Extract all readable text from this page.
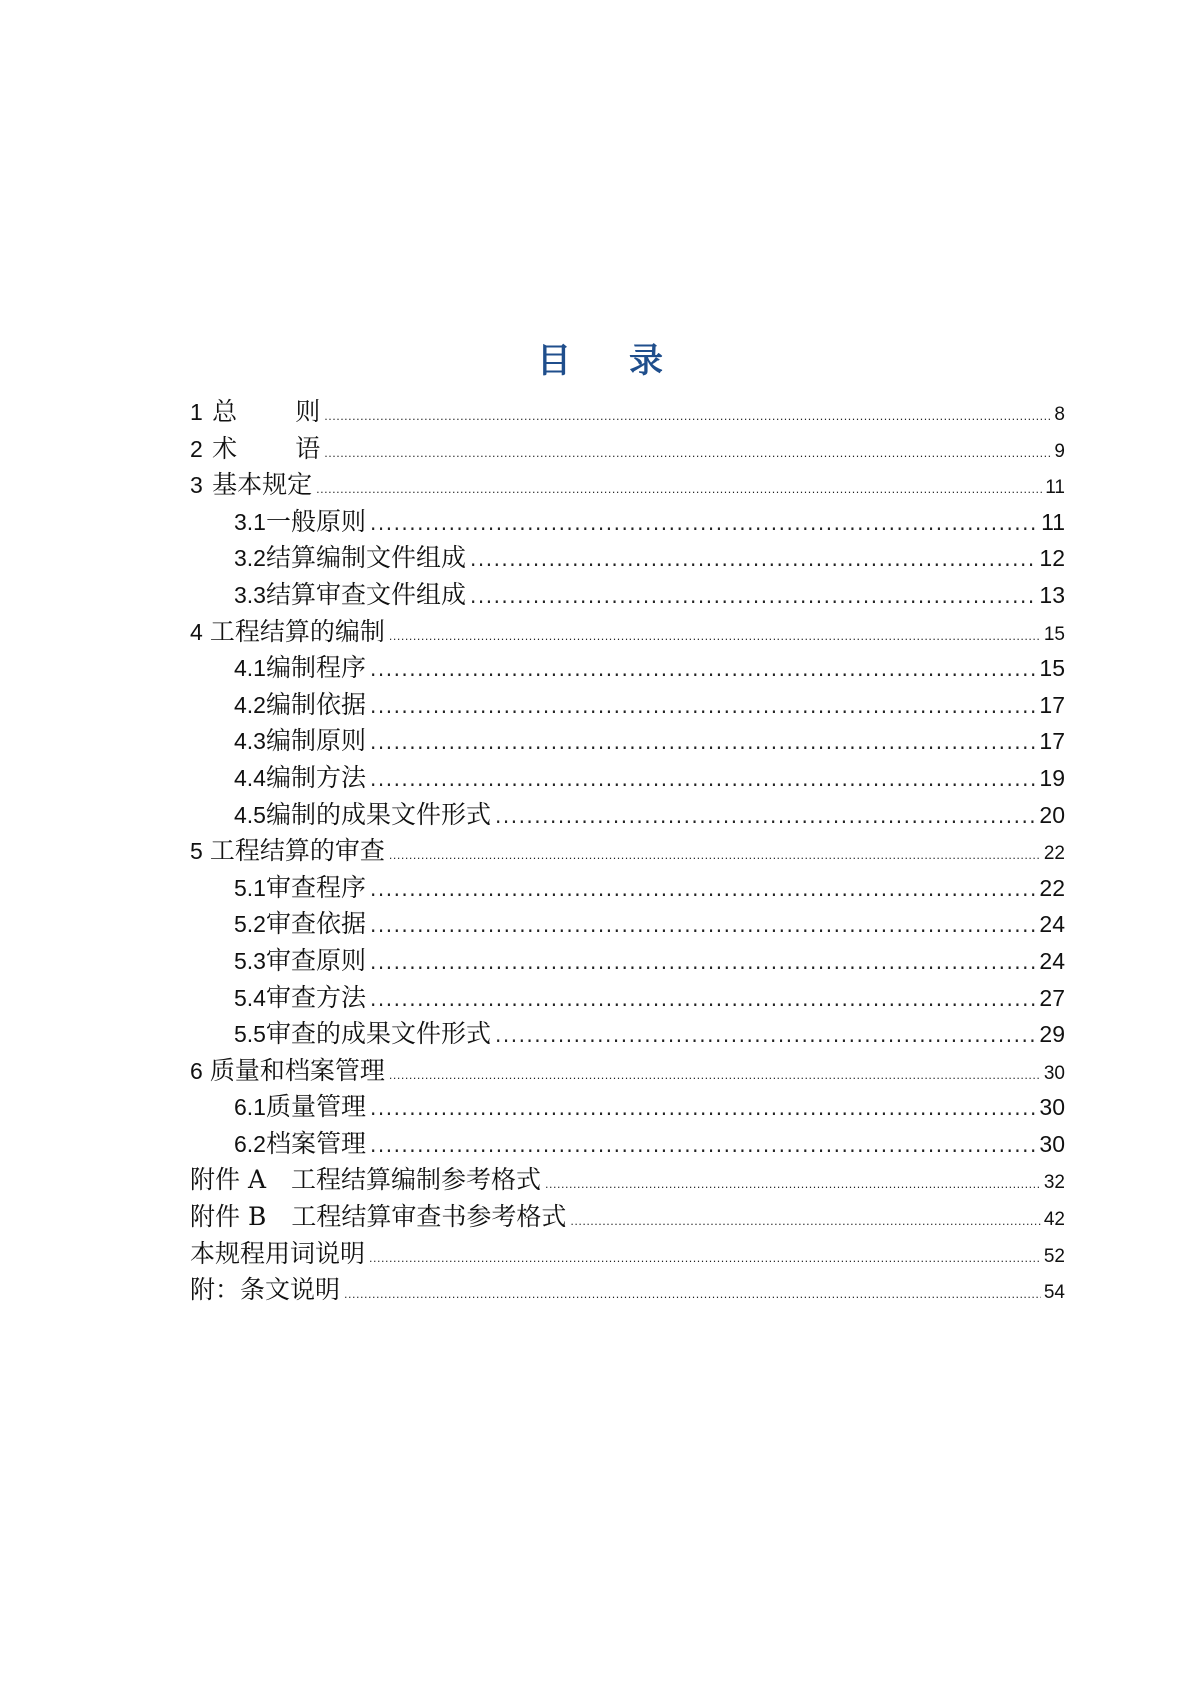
目 录
1 总 则 .....	8
2 术 语 .....	9
3 基本规定 .....	11
3.1 一般原则 .....	11
3.2 结算编制文件组成 .....	12
3.3 结算审查文件组成 .....	13
4 工程结算的编制 .....	15
4.1 编制程序 .....	15
4.2 编制依据 .....	17
4.3 编制原则 .....	17
4.4 编制方法 .....	19
4.5 编制的成果文件形式 .....	20
5 工程结算的审查 .....	22
5.1 审查程序 .....	22
5.2 审查依据 .....	24
5.3 审查原则 .....	24
5.4 审查方法 .....	27
5.5 审查的成果文件形式 .....	29
6 质量和档案管理 .....	30
6.1 质量管理 .....	30
6.2 档案管理 .....	30
附件 A　工程结算编制参考格式 .....	32
附件 B　工程结算审查书参考格式 .....	42
本规程用词说明 .....	52
附：条文说明 .....	54
